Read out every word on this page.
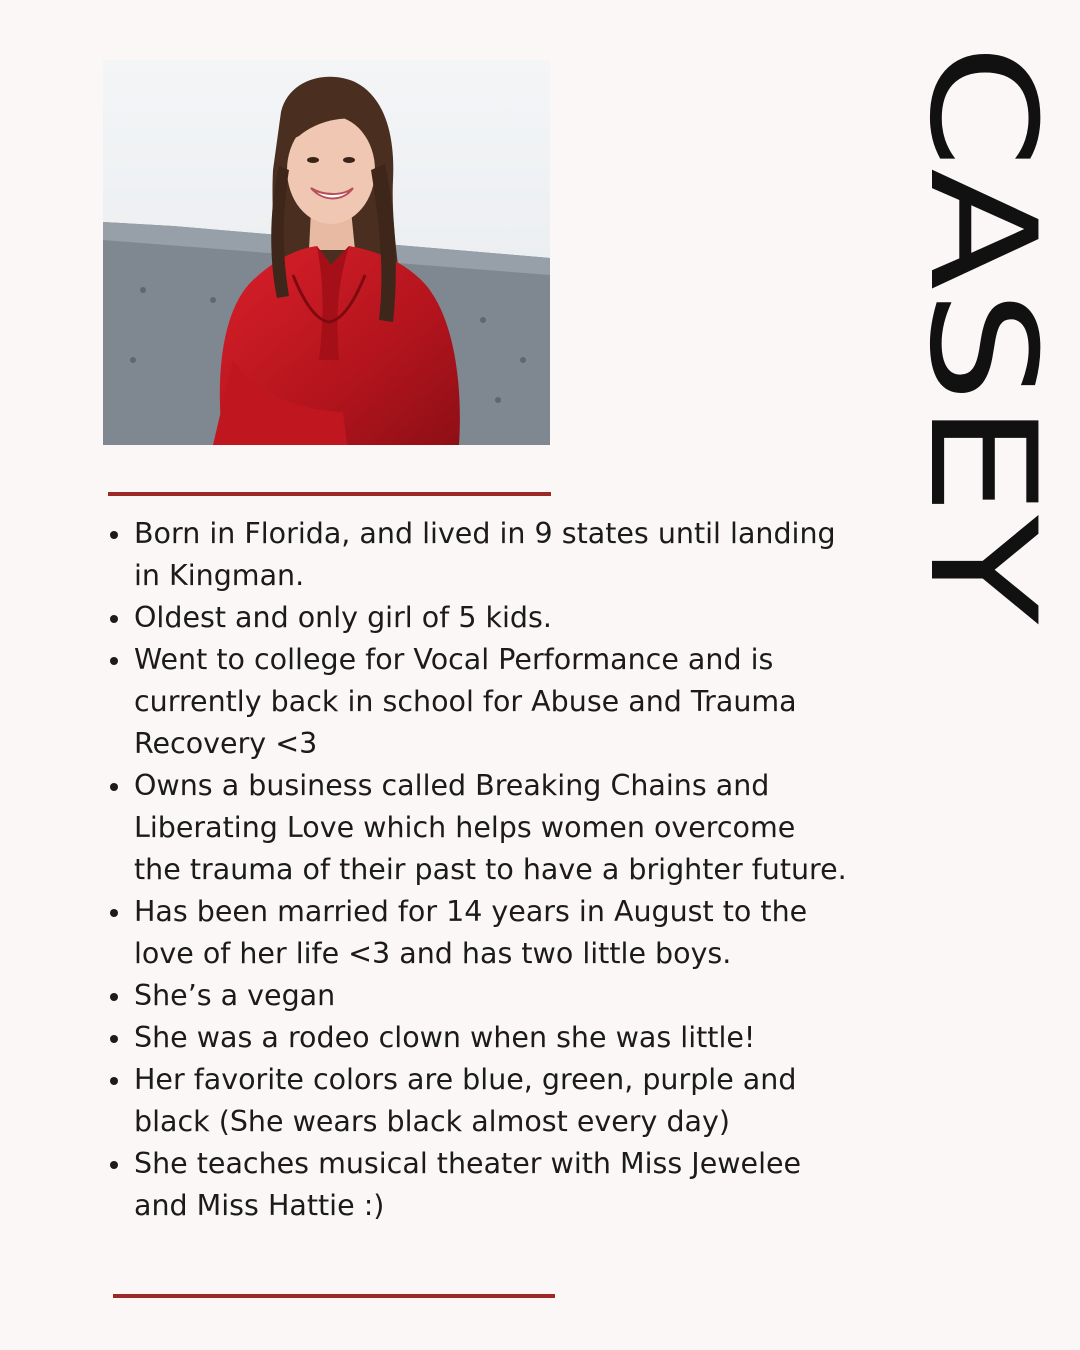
Born in Florida, and lived in 9 states until landing in Kingman.
Oldest and only girl of 5 kids.
Went to college for Vocal Performance and is currently back in school for Abuse and Trauma Recovery <3
Owns a business called Breaking Chains and Liberating Love which helps women overcome the trauma of their past to have a brighter future.
Has been married for 14 years in August to the love of her life <3 and has two little boys.
She’s a vegan
She was a rodeo clown when she was little!
Her favorite colors are blue, green, purple and black (She wears black almost every day)
She teaches musical theater with Miss Jewelee and Miss Hattie :)
CASEY
